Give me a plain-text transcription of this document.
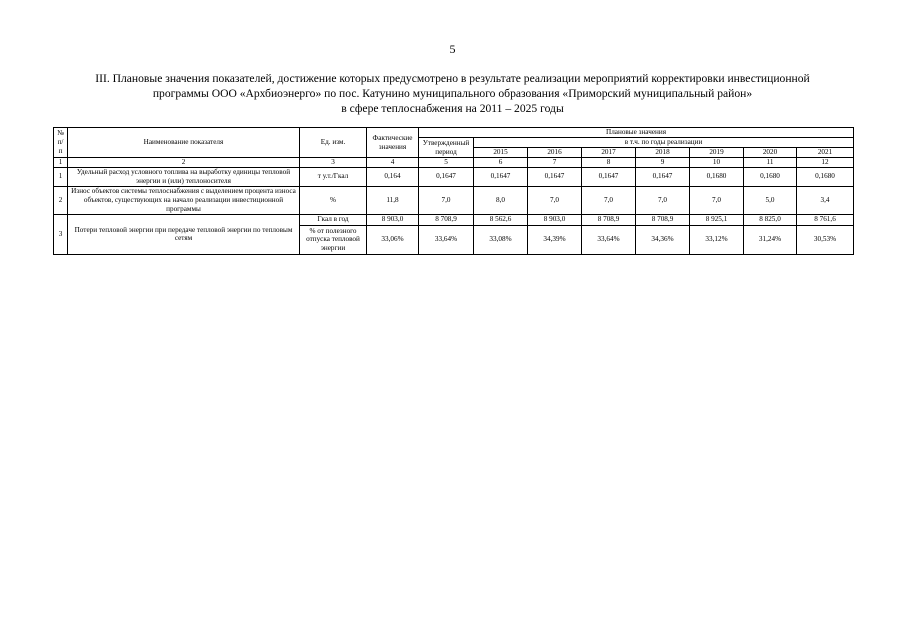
5
III. Плановые значения показателей, достижение которых предусмотрено в результате реализации мероприятий корректировки инвестиционной
программы ООО «Архбиоэнерго» по пос. Катунино муниципального образования «Приморский муниципальный район»
в сфере теплоснабжения на 2011 – 2025 годы
№ п/п	Наименование показателя	Ед. изм.	Фактические значения	Плановые значения							
				Утвержденный период	в т.ч. по годы реализации						
					2015	2016	2017	2018	2019	2020	2021
1	2	3	4	5	6	7	8	9	10	11	12
1	Удельный расход условного топлива на выработку единицы тепловой энергии и (или) теплоносителя	т у.т./Гкал	0,164	0,1647	0,1647	0,1647	0,1647	0,1647	0,1680	0,1680	0,1680
2	Износ объектов системы теплоснабжения с выделением процента износа объектов, существующих на начало реализации инвестиционной программы	%	11,8	7,0	8,0	7,0	7,0	7,0	7,0	5,0	3,4
3	Потери тепловой энергии при передаче тепловой энергии по тепловым сетям	Гкал в год	8 903,0	8 708,9	8 562,6	8 903,0	8 708,9	8 708,9	8 925,1	8 825,0	8 761,6
		% от полезного отпуска тепловой энергии	33,06%	33,64%	33,08%	34,39%	33,64%	34,36%	33,12%	31,24%	30,53%
